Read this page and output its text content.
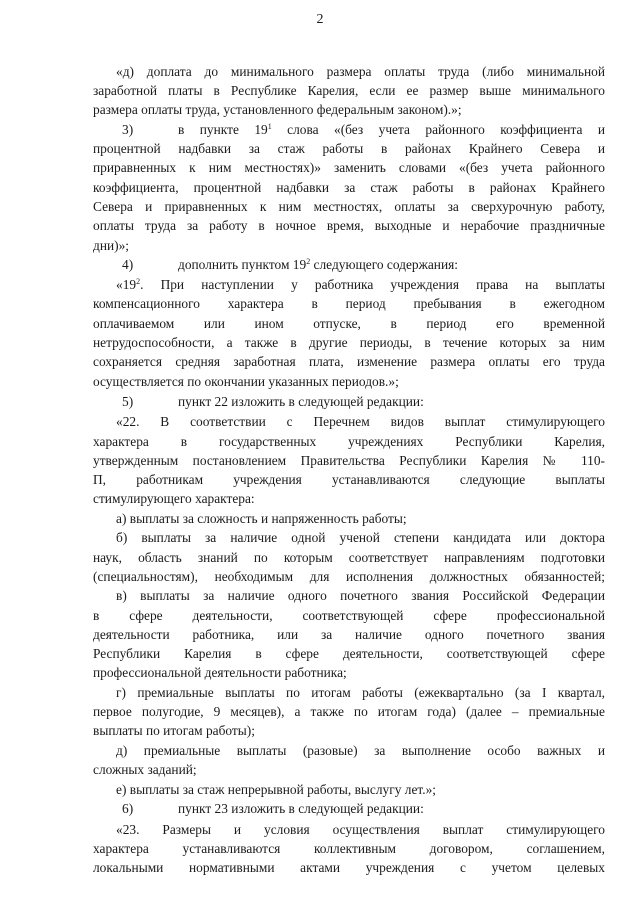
2
«д) доплата до минимального размера оплаты труда (либо минимальной
заработной платы в Республике Карелия, если ее размер выше минимального
размера оплаты труда, установленного федеральным законом).»;
3)	в пункте $19^1$ слова «(без учета районного коэффициента и
процентной надбавки за стаж работы в районах Крайнего Севера и
приравненных к ним местностях)» заменить словами «(без учета районного
коэффициента, процентной надбавки за стаж работы в районах Крайнего
Севера и приравненных к ним местностях, оплаты за сверхурочную работу,
оплаты труда за работу в ночное время, выходные и нерабочие праздничные
дни)»;
4)	дополнить пунктом $19^2$ следующего содержания:
«$19^2$. При наступлении у работника учреждения права на выплаты
компенсационного характера в период пребывания в ежегодном
оплачиваемом или ином отпуске, в период его временной
нетрудоспособности, а также в другие периоды, в течение которых за ним
сохраняется средняя заработная плата, изменение размера оплаты его труда
осуществляется по окончании указанных периодов.»;
5)	пункт 22 изложить в следующей редакции:
«22. В соответствии с Перечнем видов выплат стимулирующего
характера в государственных учреждениях Республики Карелия,
утвержденным постановлением Правительства Республики Карелия № 110-
П, работникам учреждения устанавливаются следующие выплаты
стимулирующего характера:
а) выплаты за сложность и напряженность работы;
б) выплаты за наличие одной ученой степени кандидата или доктора
наук, область знаний по которым соответствует направлениям подготовки
(специальностям), необходимым для исполнения должностных обязанностей;
в) выплаты за наличие одного почетного звания Российской Федерации
в сфере деятельности, соответствующей сфере профессиональной
деятельности работника, или за наличие одного почетного звания
Республики Карелия в сфере деятельности, соответствующей сфере
профессиональной деятельности работника;
г) премиальные выплаты по итогам работы (ежеквартально (за I квартал,
первое полугодие, 9 месяцев), а также по итогам года) (далее – премиальные
выплаты по итогам работы);
д) премиальные выплаты (разовые) за выполнение особо важных и
сложных заданий;
е) выплаты за стаж непрерывной работы, выслугу лет.»;
6)	пункт 23 изложить в следующей редакции:
«23. Размеры и условия осуществления выплат стимулирующего
характера устанавливаются коллективным договором, соглашением,
локальными нормативными актами учреждения с учетом целевых
